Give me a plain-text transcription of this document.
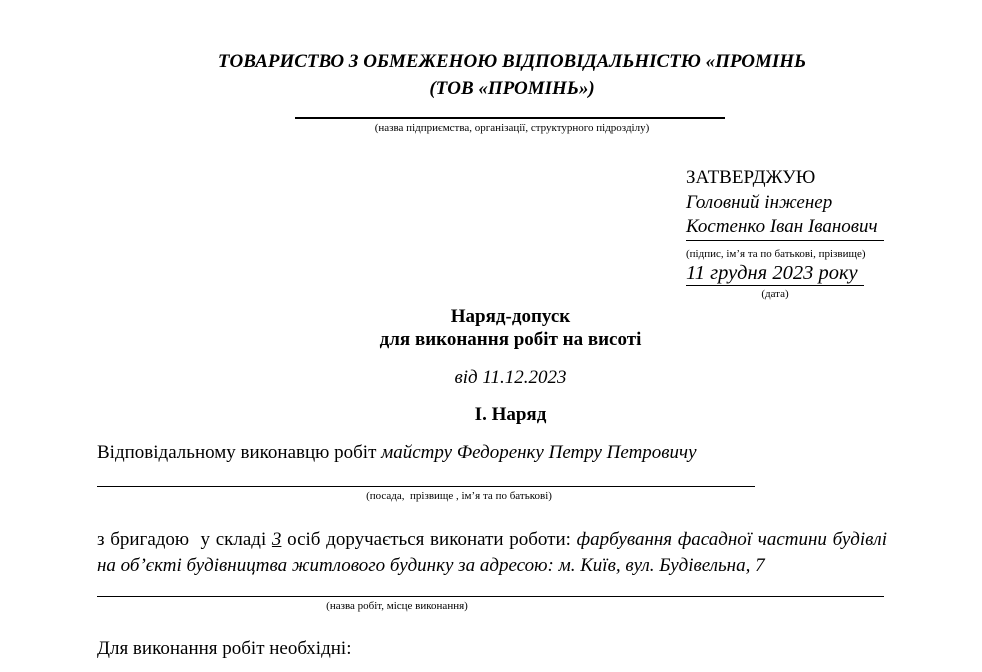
ТОВАРИСТВО З ОБМЕЖЕНОЮ ВІДПОВІДАЛЬНІСТЮ «ПРОМІНЬ
(ТОВ «ПРОМІНЬ»)
(назва підприємства, організації, структурного підрозділу)
ЗАТВЕРДЖУЮ
Головний інженер
Костенко Іван Іванович
(підпис, ім’я та по батькові, прізвище)
11 грудня 2023 року
(дата)
Наряд-допуск
для виконання робіт на висоті
від 11.12.2023
І. Наряд

Відповідальному виконавцю робіт майстру Федоренку Петру Петровичу

(посада,  прізвище , ім’я та по батькові)

з бригадою  у складі 3 осіб доручається виконати роботи: фарбування фасадної частини будівлі на об’єкті будівництва житлового будинку за адресою: м. Київ, вул. Будівельна, 7

(назва робіт, місце виконання)

Для виконання робіт необхідні:
